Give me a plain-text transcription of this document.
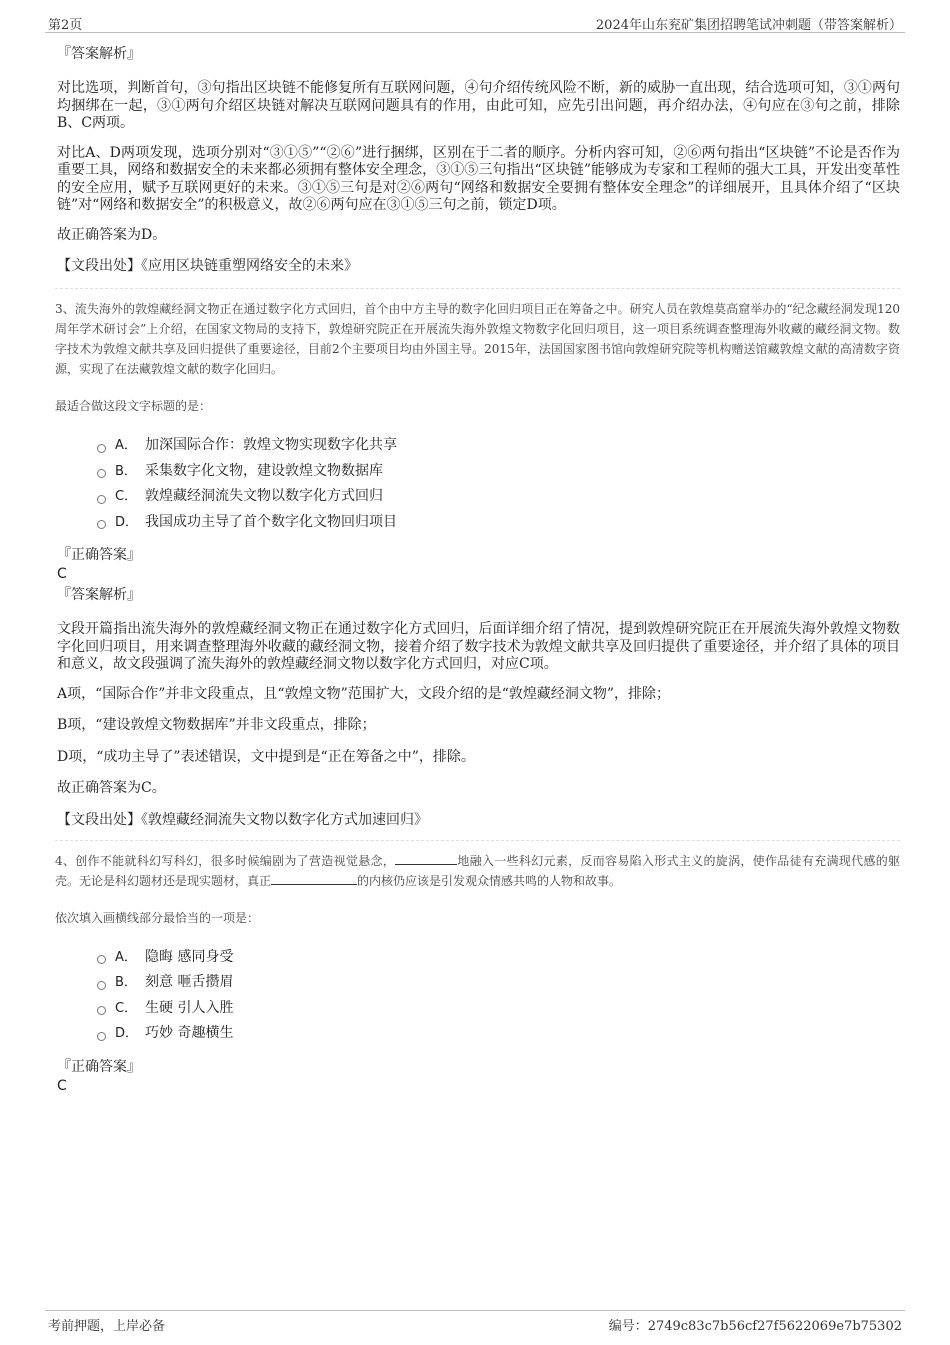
第2页	2024年山东兖矿集团招聘笔试冲刺题（带答案解析）
『答案解析』

对比选项，判断首句，③句指出区块链不能修复所有互联网问题，④句介绍传统风险不断，新的威胁一直出现，结合选项可知，③①两句均捆绑在一起，③①两句介绍区块链对解决互联网问题具有的作用，由此可知，应先引出问题，再介绍办法，④句应在③句之前，排除B、C两项。

对比A、D两项发现，选项分别对“③①⑤”“②⑥”进行捆绑，区别在于二者的顺序。分析内容可知，②⑥两句指出“区块链”不论是否作为重要工具，网络和数据安全的未来都必须拥有整体安全理念，③①⑤三句指出“区块链”能够成为专家和工程师的强大工具，开发出变革性的安全应用，赋予互联网更好的未来。③①⑤三句是对②⑥两句“网络和数据安全要拥有整体安全理念”的详细展开，且具体介绍了“区块链”对“网络和数据安全”的积极意义，故②⑥两句应在③①⑤三句之前，锁定D项。

故正确答案为D。

【文段出处】《应用区块链重塑网络安全的未来》

3、流失海外的敦煌藏经洞文物正在通过数字化方式回归，首个由中方主导的数字化回归项目正在筹备之中。研究人员在敦煌莫高窟举办的“纪念藏经洞发现120周年学术研讨会”上介绍，在国家文物局的支持下，敦煌研究院正在开展流失海外敦煌文物数字化回归项目，这一项目系统调查整理海外收藏的藏经洞文物。数字技术为敦煌文献共享及回归提供了重要途径，目前2个主要项目均由外国主导。2015年，法国国家图书馆向敦煌研究院等机构赠送馆藏敦煌文献的高清数字资源，实现了在法藏敦煌文献的数字化回归。

最适合做这段文字标题的是：

A． 加深国际合作：敦煌文物实现数字化共享
B． 采集数字化文物，建设敦煌文物数据库
C． 敦煌藏经洞流失文物以数字化方式回归
D． 我国成功主导了首个数字化文物回归项目
『正确答案』
C
『答案解析』

文段开篇指出流失海外的敦煌藏经洞文物正在通过数字化方式回归，后面详细介绍了情况，提到敦煌研究院正在开展流失海外敦煌文物数字化回归项目，用来调查整理海外收藏的藏经洞文物，接着介绍了数字技术为敦煌文献共享及回归提供了重要途径，并介绍了具体的项目和意义，故文段强调了流失海外的敦煌藏经洞文物以数字化方式回归，对应C项。

A项，“国际合作”并非文段重点，且“敦煌文物”范围扩大，文段介绍的是“敦煌藏经洞文物”，排除；

B项，“建设敦煌文物数据库”并非文段重点，排除；

D项，“成功主导了”表述错误，文中提到是“正在筹备之中”，排除。

故正确答案为C。

【文段出处】《敦煌藏经洞流失文物以数字化方式加速回归》

4、创作不能就科幻写科幻，很多时候编剧为了营造视觉悬念，	地融入一些科幻元素，反而容易陷入形式主义的旋涡，使作品徒有充满现代感的躯壳。无论是科幻题材还是现实题材，真正	的内核仍应该是引发观众情感共鸣的人物和故事。

依次填入画横线部分最恰当的一项是：

A． 隐晦 感同身受
B． 刻意 咂舌攒眉
C． 生硬 引人入胜
D． 巧妙 奇趣横生
『正确答案』
C
考前押题，上岸必备	编号：2749c83c7b56cf27f5622069e7b75302
